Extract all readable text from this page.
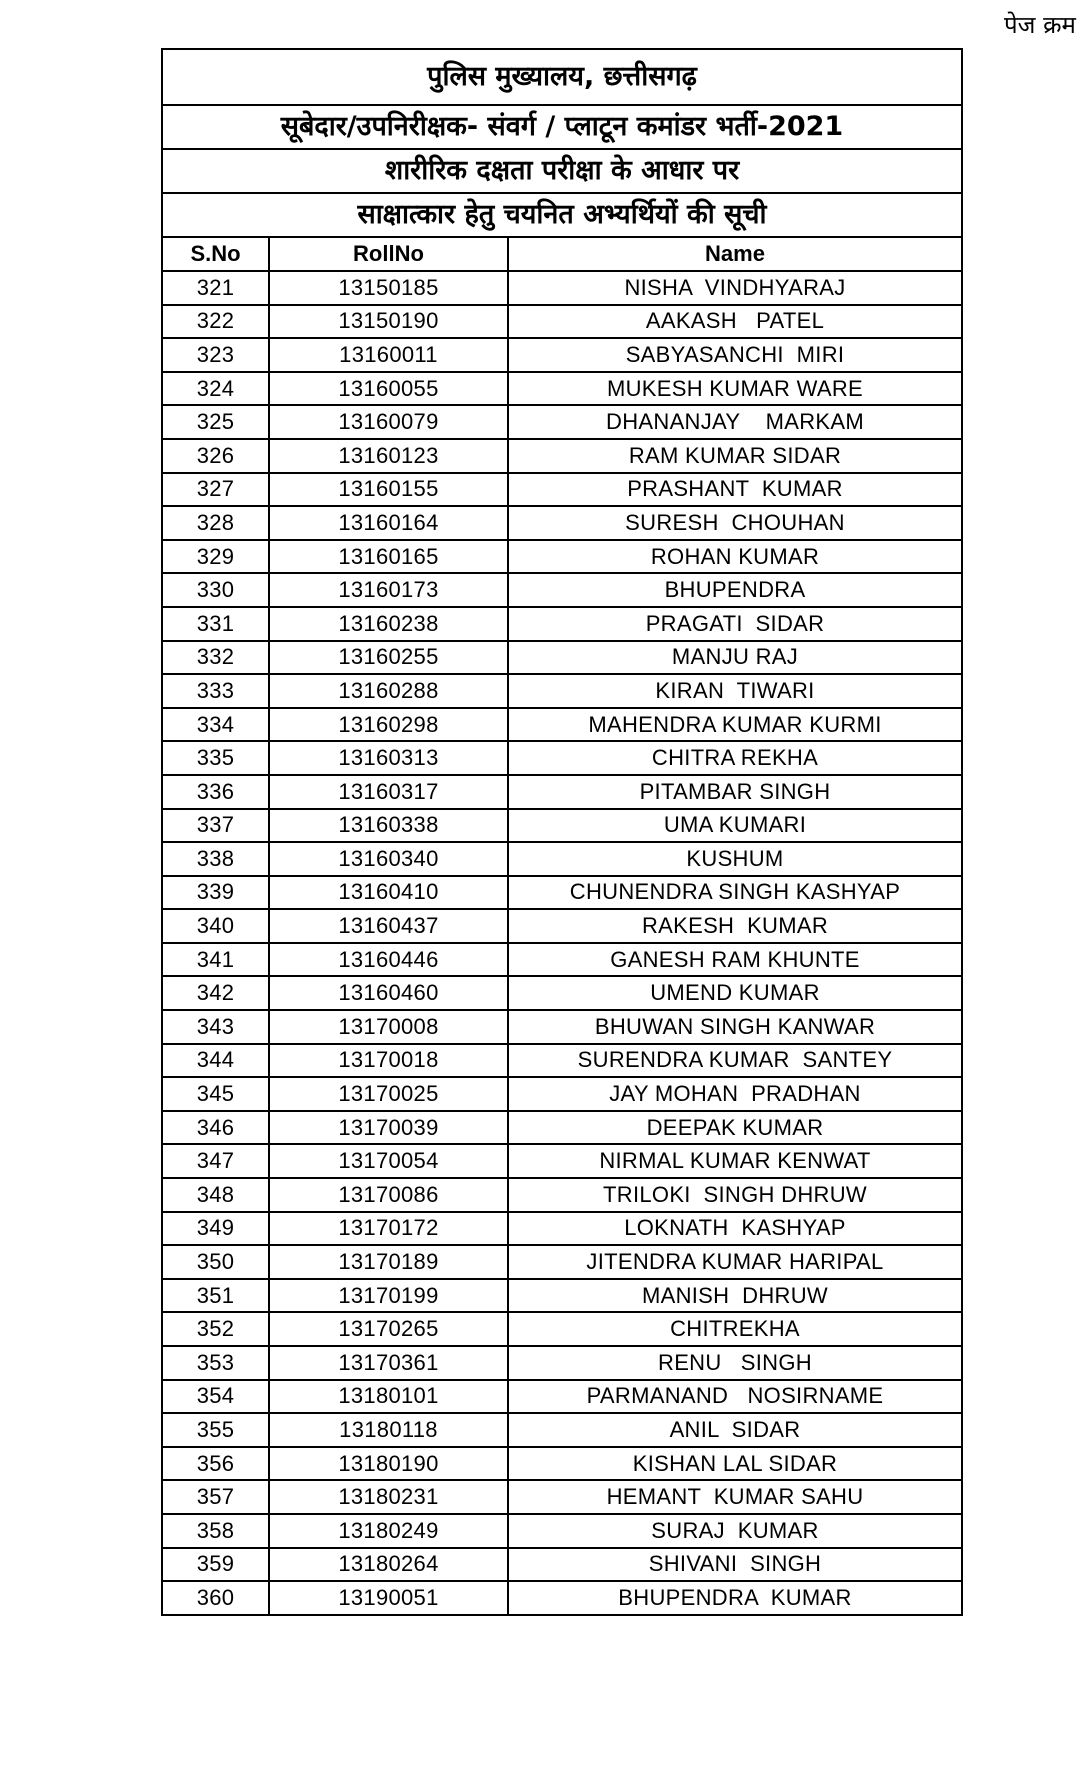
पेज क्रम
पुलिस मुख्यालय, छत्तीसगढ़		
सूबेदार/उपनिरीक्षक- संवर्ग / प्लाटून कमांडर भर्ती-2021		
शारीरिक दक्षता परीक्षा के आधार पर		
साक्षात्कार हेतु चयनित अभ्यर्थियों की सूची		
S.No	RollNo	Name
321	13150185	NISHA  VINDHYARAJ
322	13150190	AAKASH   PATEL
323	13160011	SABYASANCHI  MIRI
324	13160055	MUKESH KUMAR WARE
325	13160079	DHANANJAY    MARKAM
326	13160123	RAM KUMAR SIDAR
327	13160155	PRASHANT  KUMAR
328	13160164	SURESH  CHOUHAN
329	13160165	ROHAN KUMAR
330	13160173	BHUPENDRA
331	13160238	PRAGATI  SIDAR
332	13160255	MANJU RAJ
333	13160288	KIRAN  TIWARI
334	13160298	MAHENDRA KUMAR KURMI
335	13160313	CHITRA REKHA
336	13160317	PITAMBAR SINGH
337	13160338	UMA KUMARI
338	13160340	KUSHUM
339	13160410	CHUNENDRA SINGH KASHYAP
340	13160437	RAKESH  KUMAR
341	13160446	GANESH RAM KHUNTE
342	13160460	UMEND KUMAR
343	13170008	BHUWAN SINGH KANWAR
344	13170018	SURENDRA KUMAR  SANTEY
345	13170025	JAY MOHAN  PRADHAN
346	13170039	DEEPAK KUMAR
347	13170054	NIRMAL KUMAR KENWAT
348	13170086	TRILOKI  SINGH DHRUW
349	13170172	LOKNATH  KASHYAP
350	13170189	JITENDRA KUMAR HARIPAL
351	13170199	MANISH  DHRUW
352	13170265	CHITREKHA
353	13170361	RENU   SINGH
354	13180101	PARMANAND   NOSIRNAME
355	13180118	ANIL  SIDAR
356	13180190	KISHAN LAL SIDAR
357	13180231	HEMANT  KUMAR SAHU
358	13180249	SURAJ  KUMAR
359	13180264	SHIVANI  SINGH
360	13190051	BHUPENDRA  KUMAR
